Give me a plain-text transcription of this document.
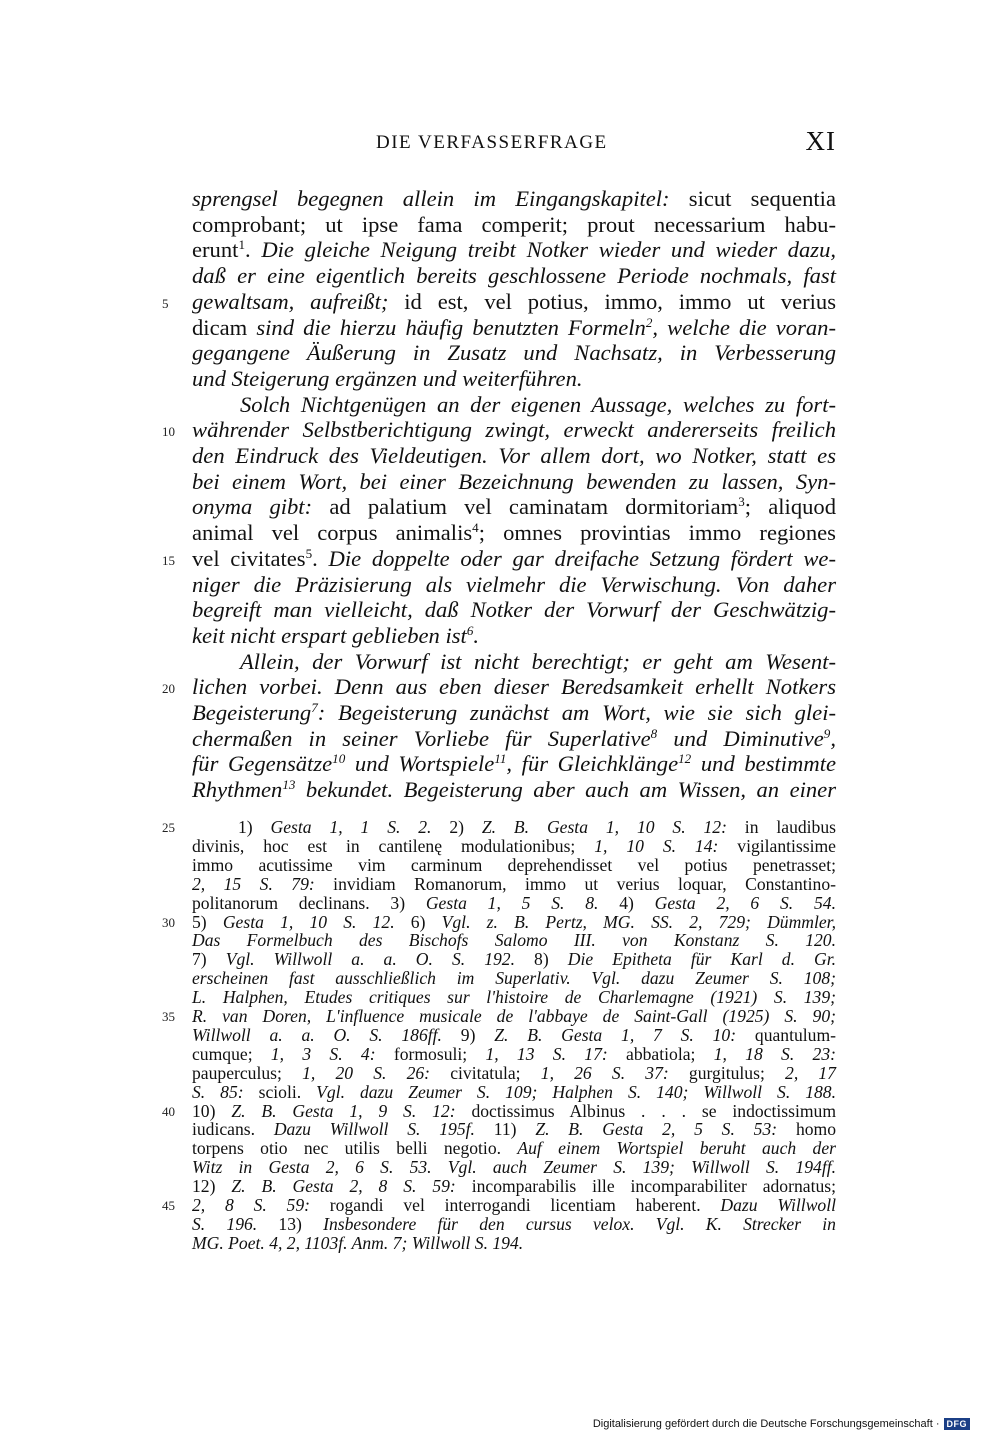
DIE VERFASSERFRAGE	XI
sprengsel begegnen allein im Eingangskapitel: sicut sequentia
comprobant; ut ipse fama comperit; prout necessarium habu-
erunt$^1$. Die gleiche Neigung treibt Notker wieder und wieder dazu,
daß er eine eigentlich bereits geschlossene Periode nochmals, fast
gewaltsam, aufreißt; id est, vel potius, immo, immo ut verius
dicam sind die hierzu häufig benutzten Formeln$^2$, welche die voran-
gegangene Äußerung in Zusatz und Nachsatz, in Verbesserung
und Steigerung ergänzen und weiterführen.
Solch Nichtgenügen an der eigenen Aussage, welches zu fort-
währender Selbstberichtigung zwingt, erweckt andererseits freilich
den Eindruck des Vieldeutigen. Vor allem dort, wo Notker, statt es
bei einem Wort, bei einer Bezeichnung bewenden zu lassen, Syn-
onyma gibt: ad palatium vel caminatam dormitoriam$^3$; aliquod
animal vel corpus animalis$^4$; omnes provintias immo regiones
vel civitates$^5$. Die doppelte oder gar dreifache Setzung fördert we-
niger die Präzisierung als vielmehr die Verwischung. Von daher
begreift man vielleicht, daß Notker der Vorwurf der Geschwätzig-
keit nicht erspart geblieben ist$^6$.
Allein, der Vorwurf ist nicht berechtigt; er geht am Wesent-
lichen vorbei. Denn aus eben dieser Beredsamkeit erhellt Notkers
Begeisterung$^7$: Begeisterung zunächst am Wort, wie sie sich glei-
chermaßen in seiner Vorliebe für Superlative$^8$ und Diminutive$^9$,
für Gegensätze$^{10}$ und Wortspiele$^{11}$, für Gleichklänge$^{12}$ und bestimmte
Rhythmen$^{13}$ bekundet. Begeisterung aber auch am Wissen, an einer
1) Gesta 1, 1 S. 2. 2) Z. B. Gesta 1, 10 S. 12: in laudibus
divinis, hoc est in cantilenę modulationibus; 1, 10 S. 14: vigilantissime
immo acutissime vim carminum deprehendisset vel potius penetrasset;
2, 15 S. 79: invidiam Romanorum, immo ut verius loquar, Constantino-
politanorum declinans. 3) Gesta 1, 5 S. 8. 4) Gesta 2, 6 S. 54.
5) Gesta 1, 10 S. 12. 6) Vgl. z. B. Pertz, MG. SS. 2, 729; Dümmler,
Das Formelbuch des Bischofs Salomo III. von Konstanz S. 120.
7) Vgl. Willwoll a. a. O. S. 192. 8) Die Epitheta für Karl d. Gr.
erscheinen fast ausschließlich im Superlativ. Vgl. dazu Zeumer S. 108;
L. Halphen, Etudes critiques sur l'histoire de Charlemagne (1921) S. 139;
R. van Doren, L'influence musicale de l'abbaye de Saint-Gall (1925) S. 90;
Willwoll a. a. O. S. 186ff. 9) Z. B. Gesta 1, 7 S. 10: quantulum-
cumque; 1, 3 S. 4: formosuli; 1, 13 S. 17: abbatiola; 1, 18 S. 23:
pauperculus; 1, 20 S. 26: civitatula; 1, 26 S. 37: gurgitulus; 2, 17
S. 85: scioli. Vgl. dazu Zeumer S. 109; Halphen S. 140; Willwoll S. 188.
10) Z. B. Gesta 1, 9 S. 12: doctissimus Albinus . . . se indoctissimum
iudicans. Dazu Willwoll S. 195f. 11) Z. B. Gesta 2, 5 S. 53: homo
torpens otio nec utilis belli negotio. Auf einem Wortspiel beruht auch der
Witz in Gesta 2, 6 S. 53. Vgl. auch Zeumer S. 139; Willwoll S. 194ff.
12) Z. B. Gesta 2, 8 S. 59: incomparabilis ille incomparabiliter adornatus;
2, 8 S. 59: rogandi vel interrogandi licentiam haberent. Dazu Willwoll
S. 196. 13) Insbesondere für den cursus velox. Vgl. K. Strecker in
MG. Poet. 4, 2, 1103f. Anm. 7; Willwoll S. 194.
5
10
15
20
25
30
35
40
45
Digitalisierung gefördert durch die Deutsche Forschungsgemeinschaft · DFG
